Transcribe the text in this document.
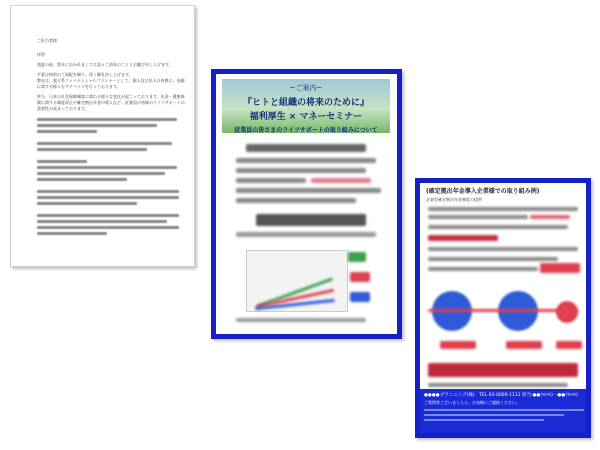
ご担当者様
拝啓
盛夏の候、貴社におかれましては益々ご清栄のこととお慶び申し上げます。
平素は格別のご高配を賜り、厚く御礼申し上げます。
弊社は、独立系ファイナンシャルプランナーとして、個人及び法人の皆様に、金融に関する様々なアドバイスを行っております。
昨今、日本の社会保障制度に関わる様々な変化が起こっております。年金・健康保険に関する制度改正や確定拠出年金の導入など、従業員の皆様のライフサポートの重要性が高まっております。
~ご案内~
『ヒトと組織の将来のために』
福利厚生 × マネーセミナー
従業員の皆さまのライフサポートの取り組みについて
(確定拠出年金導入企業様での取り組み例)
企業型確定拠出年金制度の提供
●●●●プランニング(株)　TEL 03-0000-1111 担当:●●(ﾏﾙﾏﾙ)・●●(ﾏﾙﾏﾙ)
ご質問等ございましたら、お気軽にご連絡ください。
